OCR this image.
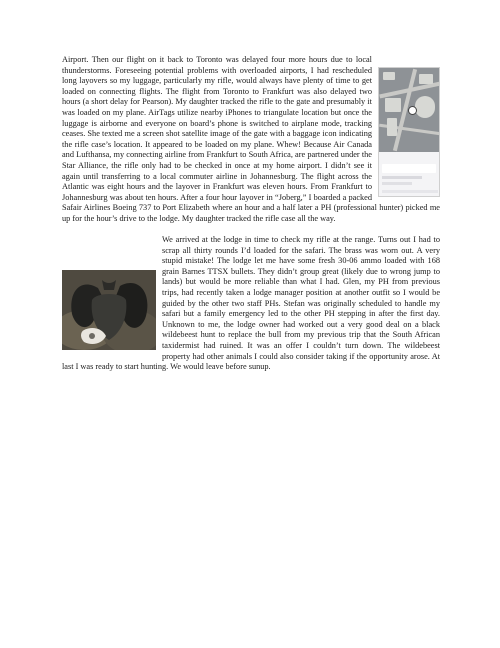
Airport. Then our flight on it back to Toronto was delayed four more hours due to local thunderstorms. Foreseeing potential problems with overloaded airports, I had rescheduled long layovers so my luggage, particularly my rifle, would always have plenty of time to get loaded on connecting flights. The flight from Toronto to Frankfurt was also delayed two hours (a short delay for Pearson). My daughter tracked the rifle to the gate and presumably it was loaded on my plane. AirTags utilize nearby iPhones to triangulate location but once the luggage is airborne and everyone on board’s phone is switched to airplane mode, tracking ceases. She texted me a screen shot satellite image of the gate with a baggage icon indicating the rifle case’s location. It appeared to be loaded on my plane. Whew! Because Air Canada and Lufthansa, my connecting airline from Frankfurt to South Africa, are partnered under the Star Alliance, the rifle only had to be checked in once at my home airport. I didn’t see it again until transferring to a local commuter airline in Johannesburg. The flight across the Atlantic was eight hours and the layover in Frankfurt was eleven hours. From Frankfurt to Johannesburg was about ten hours. After a four hour layover in “Joberg,” I boarded a packed Safair Airlines Boeing 737 to Port Elizabeth where an hour and a half later a PH (professional hunter) picked me up for the hour’s drive to the lodge. My daughter tracked the rifle case all the way.

We arrived at the lodge in time to check my rifle at the range. Turns out I had to scrap all thirty rounds I’d loaded for the safari. The brass was worn out. A very stupid mistake! The lodge let me have some fresh 30-06 ammo loaded with 168 grain Barnes TTSX bullets. They didn’t group great (likely due to wrong jump to lands) but would be more reliable than what I had. Glen, my PH from previous trips, had recently taken a lodge manager position at another outfit so I would be guided by the other two staff PHs. Stefan was originally scheduled to handle my safari but a family emergency led to the other PH stepping in after the first day. Unknown to me, the lodge owner had worked out a very good deal on a black wildebeest hunt to replace the bull from my previous trip that the South African taxidermist had ruined. It was an offer I couldn’t turn down. The wildebeest property had other animals I could also consider taking if the opportunity arose. At last I was ready to start hunting. We would leave before sunup.
